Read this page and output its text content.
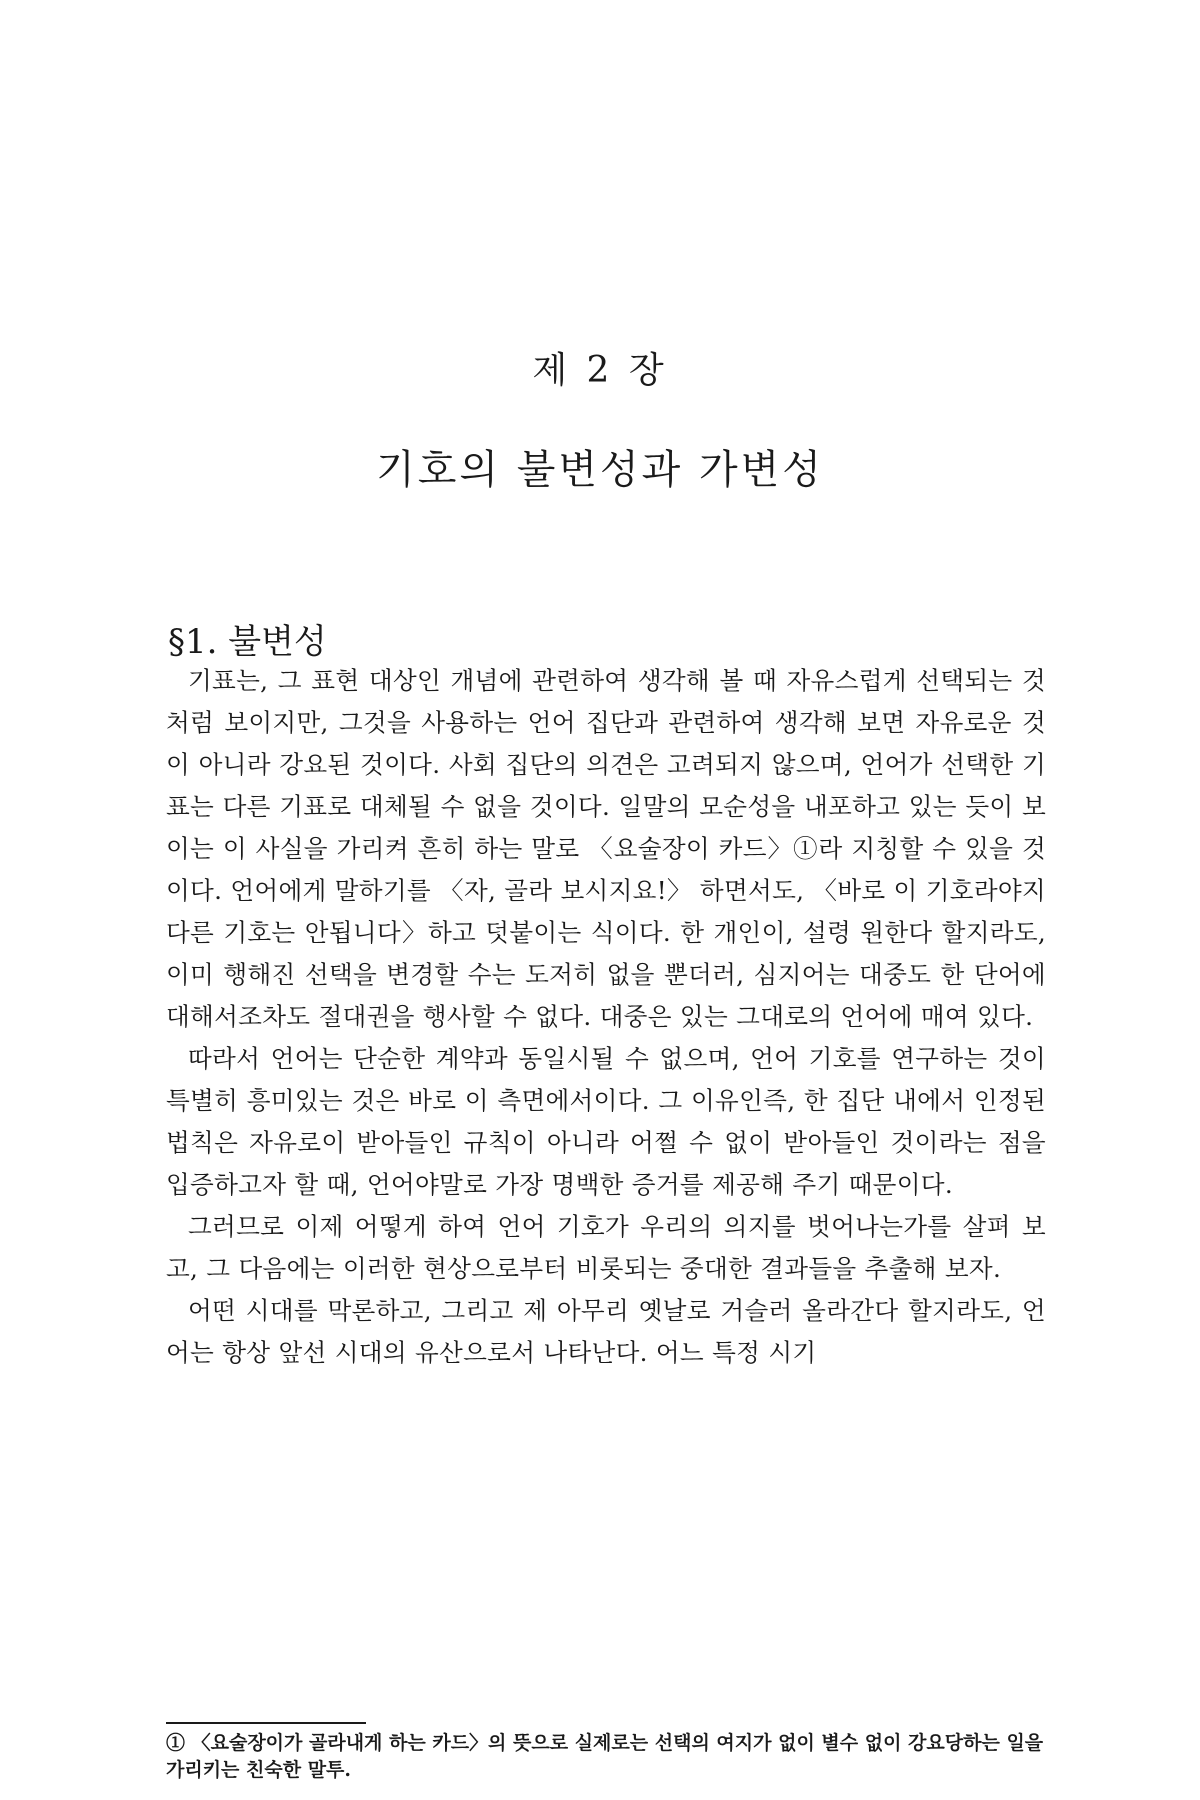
제 2 장
기호의 불변성과 가변성
§1. 불변성

기표는, 그 표현 대상인 개념에 관련하여 생각해 볼 때 자유스럽게 선택되는 것처럼 보이지만, 그것을 사용하는 언어 집단과 관련하여 생각해 보면 자유로운 것이 아니라 강요된 것이다. 사회 집단의 의견은 고려되지 않으며, 언어가 선택한 기표는 다른 기표로 대체될 수 없을 것이다. 일말의 모순성을 내포하고 있는 듯이 보이는 이 사실을 가리켜 흔히 하는 말로 〈요술장이 카드〉①라 지칭할 수 있을 것이다. 언어에게 말하기를 〈자, 골라 보시지요!〉 하면서도, 〈바로 이 기호라야지 다른 기호는 안됩니다〉하고 덧붙이는 식이다. 한 개인이, 설령 원한다 할지라도, 이미 행해진 선택을 변경할 수는 도저히 없을 뿐더러, 심지어는 대중도 한 단어에 대해서조차도 절대권을 행사할 수 없다. 대중은 있는 그대로의 언어에 매여 있다.

따라서 언어는 단순한 계약과 동일시될 수 없으며, 언어 기호를 연구하는 것이 특별히 흥미있는 것은 바로 이 측면에서이다. 그 이유인즉, 한 집단 내에서 인정된 법칙은 자유로이 받아들인 규칙이 아니라 어쩔 수 없이 받아들인 것이라는 점을 입증하고자 할 때, 언어야말로 가장 명백한 증거를 제공해 주기 때문이다.

그러므로 이제 어떻게 하여 언어 기호가 우리의 의지를 벗어나는가를 살펴 보고, 그 다음에는 이러한 현상으로부터 비롯되는 중대한 결과들을 추출해 보자.

어떤 시대를 막론하고, 그리고 제 아무리 옛날로 거슬러 올라간다 할지라도, 언어는 항상 앞선 시대의 유산으로서 나타난다. 어느 특정 시기

① 〈요술장이가 골라내게 하는 카드〉의 뜻으로 실제로는 선택의 여지가 없이 별수 없이 강요당하는 일을 가리키는 친숙한 말투.
